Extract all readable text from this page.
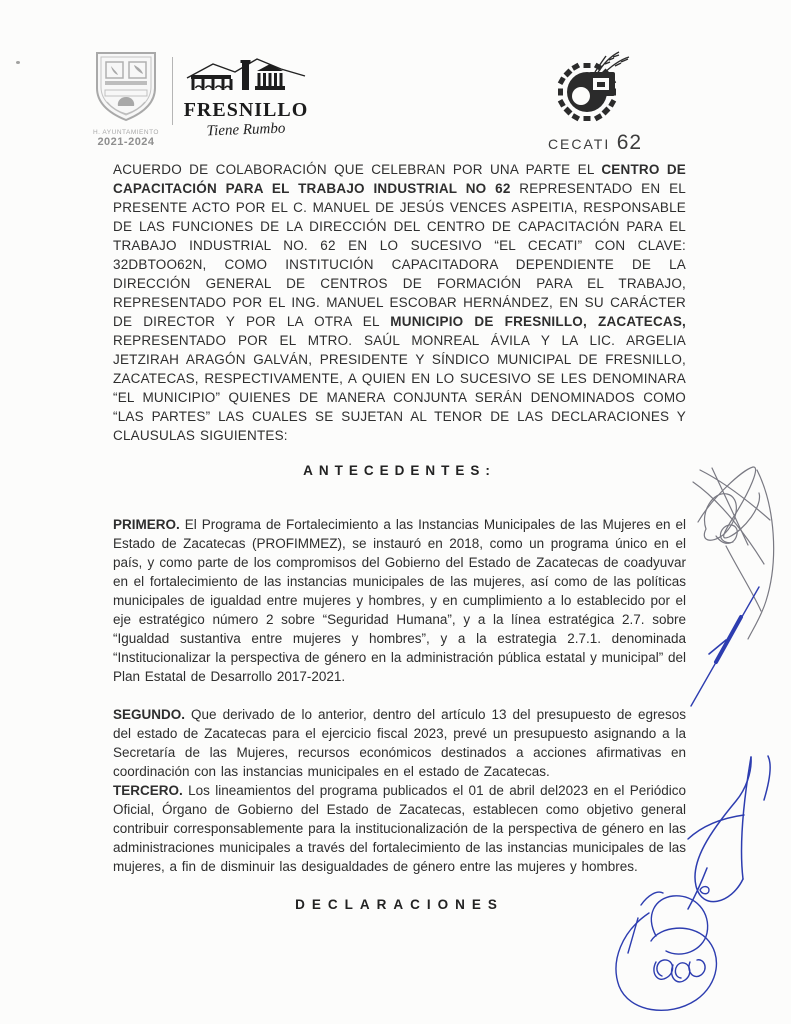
H. AYUNTAMIENTO
2021-2024
FRESNILLO
Tiene Rumbo
CECATI 62

ACUERDO DE COLABORACIÓN QUE CELEBRAN POR UNA PARTE EL CENTRO DE CAPACITACIÓN PARA EL TRABAJO INDUSTRIAL NO 62 REPRESENTADO EN EL PRESENTE ACTO POR EL C. MANUEL DE JESÚS VENCES ASPEITIA, RESPONSABLE DE LAS FUNCIONES DE LA DIRECCIÓN DEL CENTRO DE CAPACITACIÓN PARA EL TRABAJO INDUSTRIAL NO. 62 EN LO SUCESIVO “EL CECATI” CON CLAVE: 32DBTOO62N, COMO INSTITUCIÓN CAPACITADORA DEPENDIENTE DE LA DIRECCIÓN GENERAL DE CENTROS DE FORMACIÓN PARA EL TRABAJO, REPRESENTADO POR EL ING. MANUEL ESCOBAR HERNÁNDEZ, EN SU CARÁCTER DE DIRECTOR Y POR LA OTRA EL MUNICIPIO DE FRESNILLO, ZACATECAS, REPRESENTADO POR EL MTRO. SAÚL MONREAL ÁVILA Y LA LIC. ARGELIA JETZIRAH ARAGÓN GALVÁN, PRESIDENTE Y SÍNDICO MUNICIPAL DE FRESNILLO, ZACATECAS, RESPECTIVAMENTE, A QUIEN EN LO SUCESIVO SE LES DENOMINARA “EL MUNICIPIO” QUIENES DE MANERA CONJUNTA SERÁN DENOMINADOS COMO “LAS PARTES” LAS CUALES SE SUJETAN AL TENOR DE LAS DECLARACIONES Y CLAUSULAS SIGUIENTES:

ANTECEDENTES:

PRIMERO. El Programa de Fortalecimiento a las Instancias Municipales de las Mujeres en el Estado de Zacatecas (PROFIMMEZ), se instauró en 2018, como un programa único en el país, y como parte de los compromisos del Gobierno del Estado de Zacatecas de coadyuvar en el fortalecimiento de las instancias municipales de las mujeres, así como de las políticas municipales de igualdad entre mujeres y hombres, y en cumplimiento a lo establecido por el eje estratégico número 2 sobre “Seguridad Humana”, y a la línea estratégica 2.7. sobre “Igualdad sustantiva entre mujeres y hombres”, y a la estrategia 2.7.1. denominada “Institucionalizar la perspectiva de género en la administración pública estatal y municipal” del Plan Estatal de Desarrollo 2017-2021.

SEGUNDO. Que derivado de lo anterior, dentro del artículo 13 del presupuesto de egresos del estado de Zacatecas para el ejercicio fiscal 2023, prevé un presupuesto asignando a la Secretaría de las Mujeres, recursos económicos destinados a acciones afirmativas en coordinación con las instancias municipales en el estado de Zacatecas.

TERCERO. Los lineamientos del programa publicados el 01 de abril del2023 en el Periódico Oficial, Órgano de Gobierno del Estado de Zacatecas, establecen como objetivo general contribuir corresponsablemente para la institucionalización de la perspectiva de género en las administraciones municipales a través del fortalecimiento de las instancias municipales de las mujeres, a fin de disminuir las desigualdades de género entre las mujeres y hombres.

DECLARACIONES
